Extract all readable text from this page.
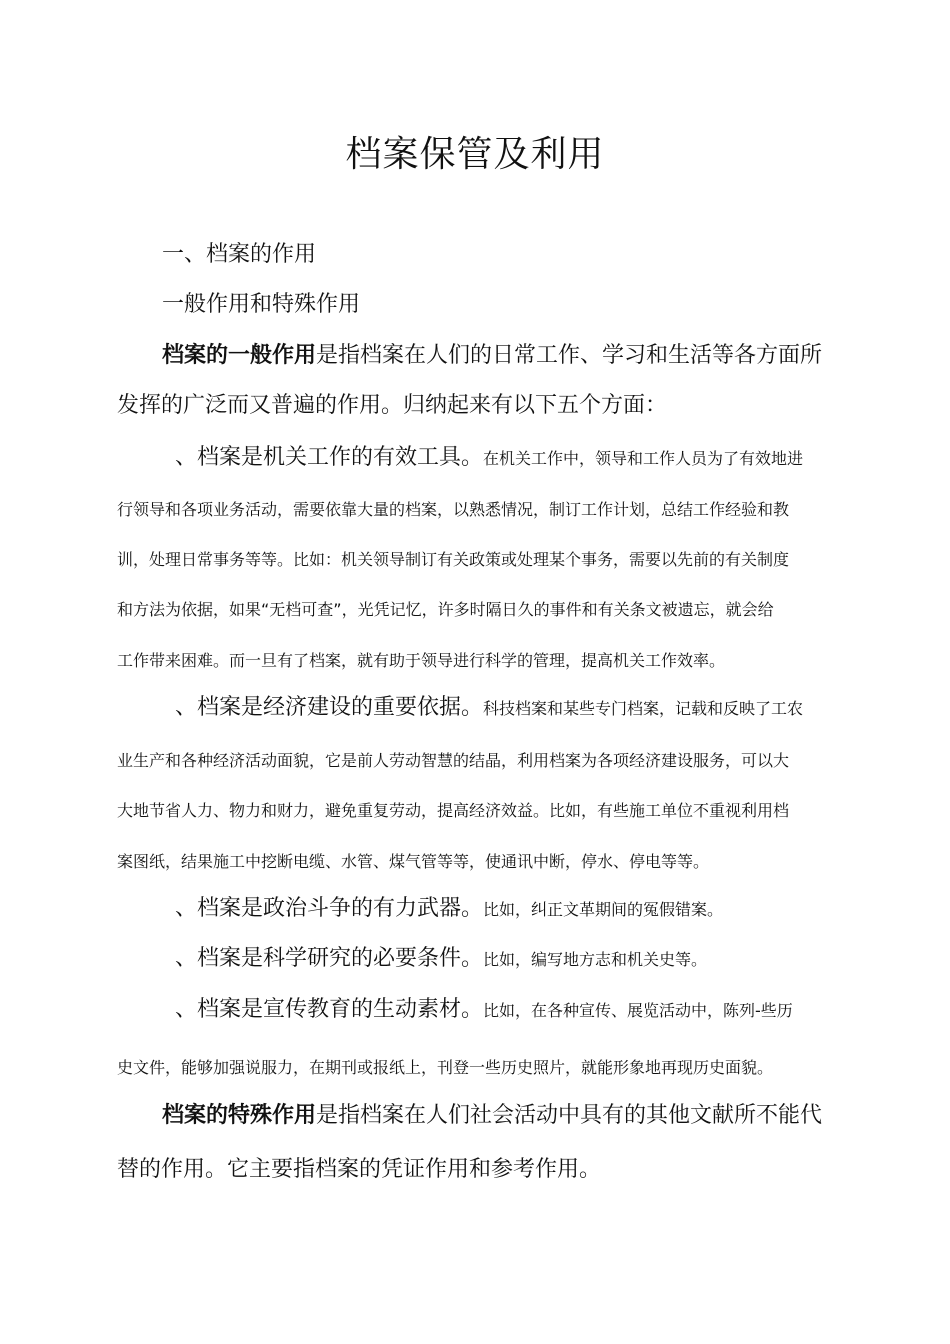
档案保管及利用
一、档案的作用
一般作用和特殊作用
档案的一般作用是指档案在人们的日常工作、学习和生活等各方面所
发挥的广泛而又普遍的作用。归纳起来有以下五个方面：
、档案是机关工作的有效工具。在机关工作中，领导和工作人员为了有效地进
行领导和各项业务活动，需要依靠大量的档案，以熟悉情况，制订工作计划，总结工作经验和教
训，处理日常事务等等。比如：机关领导制订有关政策或处理某个事务，需要以先前的有关制度
和方法为依据，如果“无档可查”，光凭记忆，许多时隔日久的事件和有关条文被遗忘，就会给
工作带来困难。而一旦有了档案，就有助于领导进行科学的管理，提高机关工作效率。
、档案是经济建设的重要依据。科技档案和某些专门档案，记载和反映了工农
业生产和各种经济活动面貌，它是前人劳动智慧的结晶，利用档案为各项经济建设服务，可以大
大地节省人力、物力和财力，避免重复劳动，提高经济效益。比如，有些施工单位不重视利用档
案图纸，结果施工中挖断电缆、水管、煤气管等等，使通讯中断，停水、停电等等。
、档案是政治斗争的有力武器。比如，纠正文革期间的冤假错案。
、档案是科学研究的必要条件。比如，编写地方志和机关史等。
、档案是宣传教育的生动素材。比如，在各种宣传、展览活动中，陈列-些历
史文件，能够加强说服力，在期刊或报纸上，刊登一些历史照片，就能形象地再现历史面貌。
档案的特殊作用是指档案在人们社会活动中具有的其他文献所不能代
替的作用。它主要指档案的凭证作用和参考作用。
